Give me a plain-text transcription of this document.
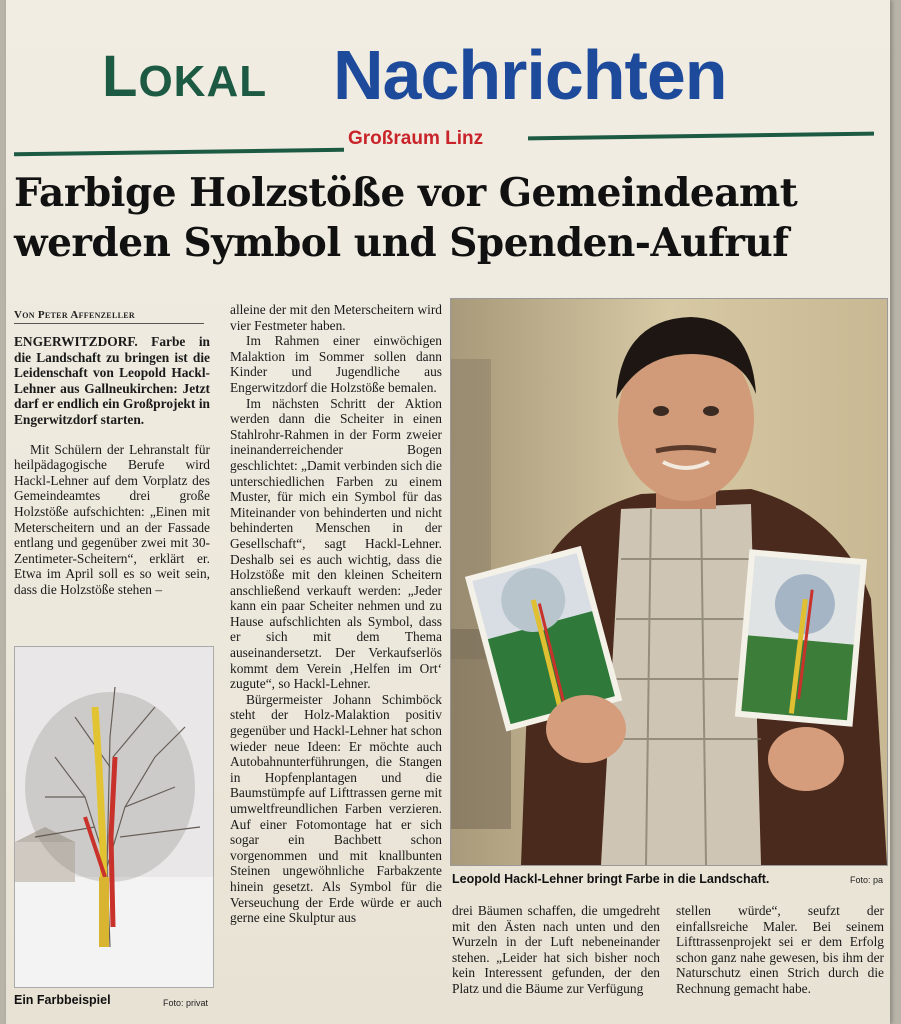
LOKAL Nachrichten
Großraum Linz
Farbige Holzstöße vor Gemeindeamt
werden Symbol und Spenden-Aufruf
Von Peter Affenzeller

ENGERWITZDORF. Farbe in die Landschaft zu bringen ist die Leidenschaft von Leopold Hackl-Lehner aus Gallneukirchen: Jetzt darf er endlich ein Großprojekt in Engerwitzdorf starten.

Mit Schülern der Lehranstalt für heilpädagogische Berufe wird Hackl-Lehner auf dem Vorplatz des Gemeindeamtes drei große Holzstöße aufschichten: „Einen mit Meterscheitern und an der Fassade entlang und gegenüber zwei mit 30-Zentimeter-Scheitern“, erklärt er. Etwa im April soll es so weit sein, dass die Holzstöße stehen –

Ein Farbbeispiel	Foto: privat

alleine der mit den Meterscheitern wird vier Festmeter haben.

Im Rahmen einer einwöchigen Malaktion im Sommer sollen dann Kinder und Jugendliche aus Engerwitzdorf die Holzstöße bemalen.

Im nächsten Schritt der Aktion werden dann die Scheiter in einen Stahlrohr-Rahmen in der Form zweier ineinanderreichender Bogen geschlichtet: „Damit verbinden sich die unterschiedlichen Farben zu einem Muster, für mich ein Symbol für das Miteinander von behinderten und nicht behinderten Menschen in der Gesellschaft“, sagt Hackl-Lehner. Deshalb sei es auch wichtig, dass die Holzstöße mit den kleinen Scheitern anschließend verkauft werden: „Jeder kann ein paar Scheiter nehmen und zu Hause aufschlichten als Symbol, dass er sich mit dem Thema auseinandersetzt. Der Verkaufserlös kommt dem Verein ‚Helfen im Ort‘ zugute“, so Hackl-Lehner.

Bürgermeister Johann Schimböck steht der Holz-Malaktion positiv gegenüber und Hackl-Lehner hat schon wieder neue Ideen: Er möchte auch Autobahnunterführungen, die Stangen in Hopfenplantagen und die Baumstümpfe auf Lifttrassen gerne mit umweltfreundlichen Farben verzieren. Auf einer Fotomontage hat er sich sogar ein Bachbett schon vorgenommen und mit knallbunten Steinen ungewöhnliche Farbakzente hinein gesetzt. Als Symbol für die Verseuchung der Erde würde er auch gerne eine Skulptur aus

Leopold Hackl-Lehner bringt Farbe in die Landschaft.	Foto: pa

drei Bäumen schaffen, die umgedreht mit den Ästen nach unten und den Wurzeln in der Luft nebeneinander stehen. „Leider hat sich bisher noch kein Interessent gefunden, der den Platz und die Bäume zur Verfügung

stellen würde“, seufzt der einfallsreiche Maler. Bei seinem Lifttrassenprojekt sei er dem Erfolg schon ganz nahe gewesen, bis ihm der Naturschutz einen Strich durch die Rechnung gemacht habe.
